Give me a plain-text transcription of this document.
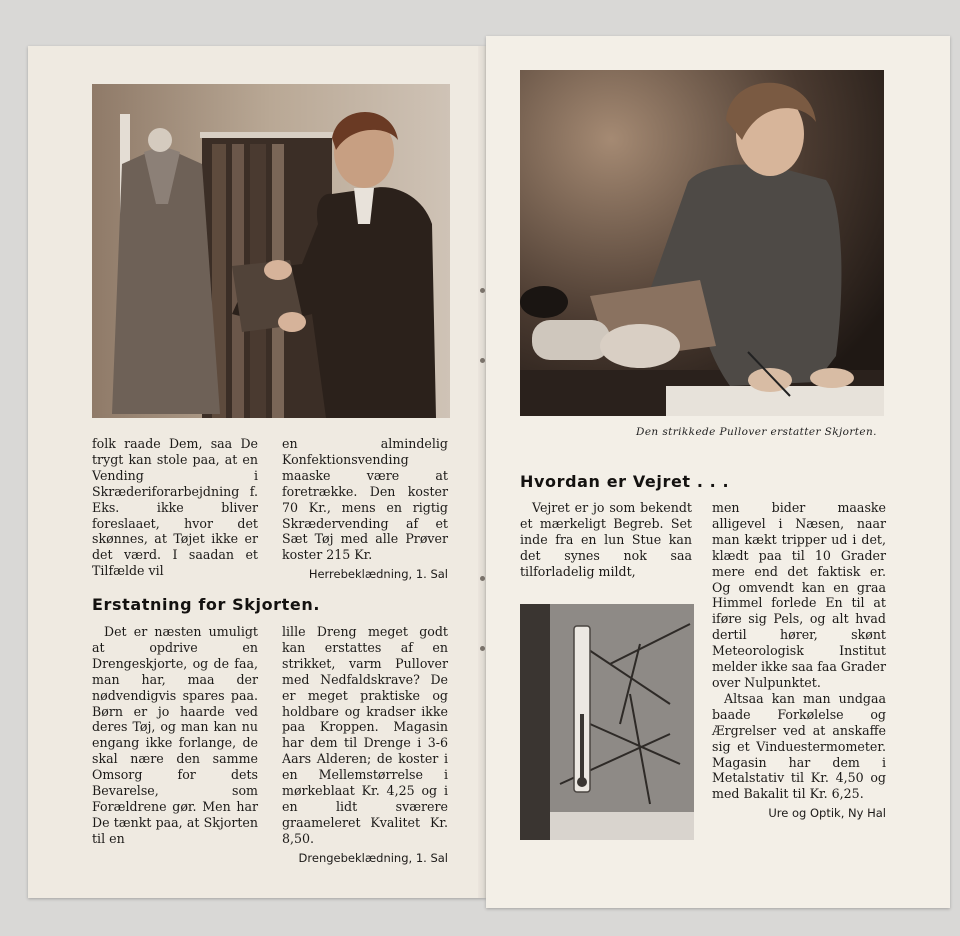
folk raade Dem, saa De trygt kan stole paa, at en Vending i Skræderiforarbejdning f. Eks. ikke bliver foreslaaet, hvor det skønnes, at Tøjet ikke er det værd. I saadan et Tilfælde vil

en almindelig Konfektionsvending maaske være at foretrække. Den koster 70 Kr., mens en rigtig Skrædervending af et Sæt Tøj med alle Prøver koster 215 Kr.

Herrebeklædning, 1. Sal

Erstatning for Skjorten.

Det er næsten umuligt at opdrive en Drengeskjorte, og de faa, man har, maa der nødvendigvis spares paa. Børn er jo haarde ved deres Tøj, og man kan nu engang ikke forlange, de skal nære den samme Omsorg for dets Bevarelse, som Forældrene gør. Men har De tænkt paa, at Skjorten til en

lille Dreng meget godt kan erstattes af en strikket, varm Pullover med Nedfaldskrave? De er meget praktiske og holdbare og kradser ikke paa Kroppen. Magasin har dem til Drenge i 3-6 Aars Alderen; de koster i en Mellemstørrelse i mørkeblaat Kr. 4,25 og i en lidt sværere graameleret Kvalitet Kr. 8,50.

Drengebeklædning, 1. Sal

Den strikkede Pullover erstatter Skjorten.
Hvordan er Vejret . . .

Vejret er jo som bekendt et mærkeligt Begreb. Set inde fra en lun Stue kan det synes nok saa tilforladelig mildt,

men bider maaske alligevel i Næsen, naar man kækt tripper ud i det, klædt paa til 10 Grader mere end det faktisk er. Og omvendt kan en graa Himmel forlede En til at iføre sig Pels, og alt hvad dertil hører, skønt Meteorologisk Institut melder ikke saa faa Grader over Nulpunktet.

Altsaa kan man undgaa baade Forkølelse og Ærgrelser ved at anskaffe sig et Vinduestermometer. Magasin har dem i Metalstativ til Kr. 4,50 og med Bakalit til Kr. 6,25.

Ure og Optik, Ny Hal
